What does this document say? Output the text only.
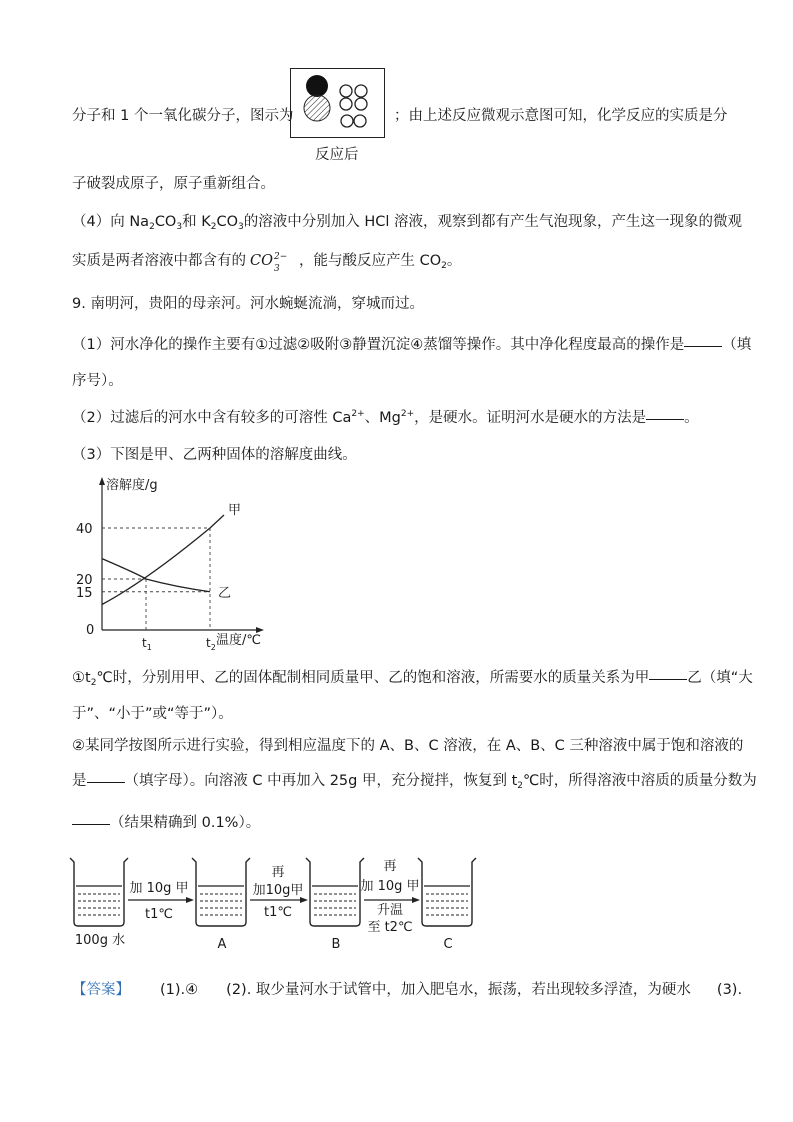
分子和 1 个一氧化碳分子，图示为
反应后
；由上述反应微观示意图可知，化学反应的实质是分
子破裂成原子，原子重新组合。
（4）向 $Na_2CO_3$和 $K_2CO_3$的溶液中分别加入 HCl 溶液，观察到都有产生气泡现象，产生这一现象的微观
实质是两者溶液中都含有的 CO 2−
3 ，能与酸反应产生 $CO_2$。
9. 南明河，贵阳的母亲河。河水蜿蜒流淌，穿城而过。
（1）河水净化的操作主要有①过滤②吸附③静置沉淀④蒸馏等操作。其中净化程度最高的操作是	（填
序号）。
（2）过滤后的河水中含有较多的可溶性 $Ca^{2+}$、$Mg^{2+}$，是硬水。证明河水是硬水的方法是	。
（3）下图是甲、乙两种固体的溶解度曲线。
溶解度/g
温度/℃
0
15
20
40
$t_1$	$t_2$
甲
乙
$①t_2℃$时，分别用甲、乙的固体配制相同质量甲、乙的饱和溶液，所需要水的质量关系为甲	乙（填“大
于”、“小于”或“等于”）。
②某同学按图所示进行实验，得到相应温度下的 A、B、C 溶液，在 A、B、C 三种溶液中属于饱和溶液的
是	（填字母）。向溶液 C 中再加入 25g 甲，充分搅拌，恢复到 $t_2℃$时，所得溶液中溶质的质量分数为
（结果精确到 0.1%）。
加 10g 甲
t1℃
再
加10g甲
t1℃
再
加 10g 甲
升温
至 t2℃
100g 水	A	B	C
【答案】 (1).④ (2). 取少量河水于试管中，加入肥皂水，振荡，若出现较多浮渣，为硬水 (3).
